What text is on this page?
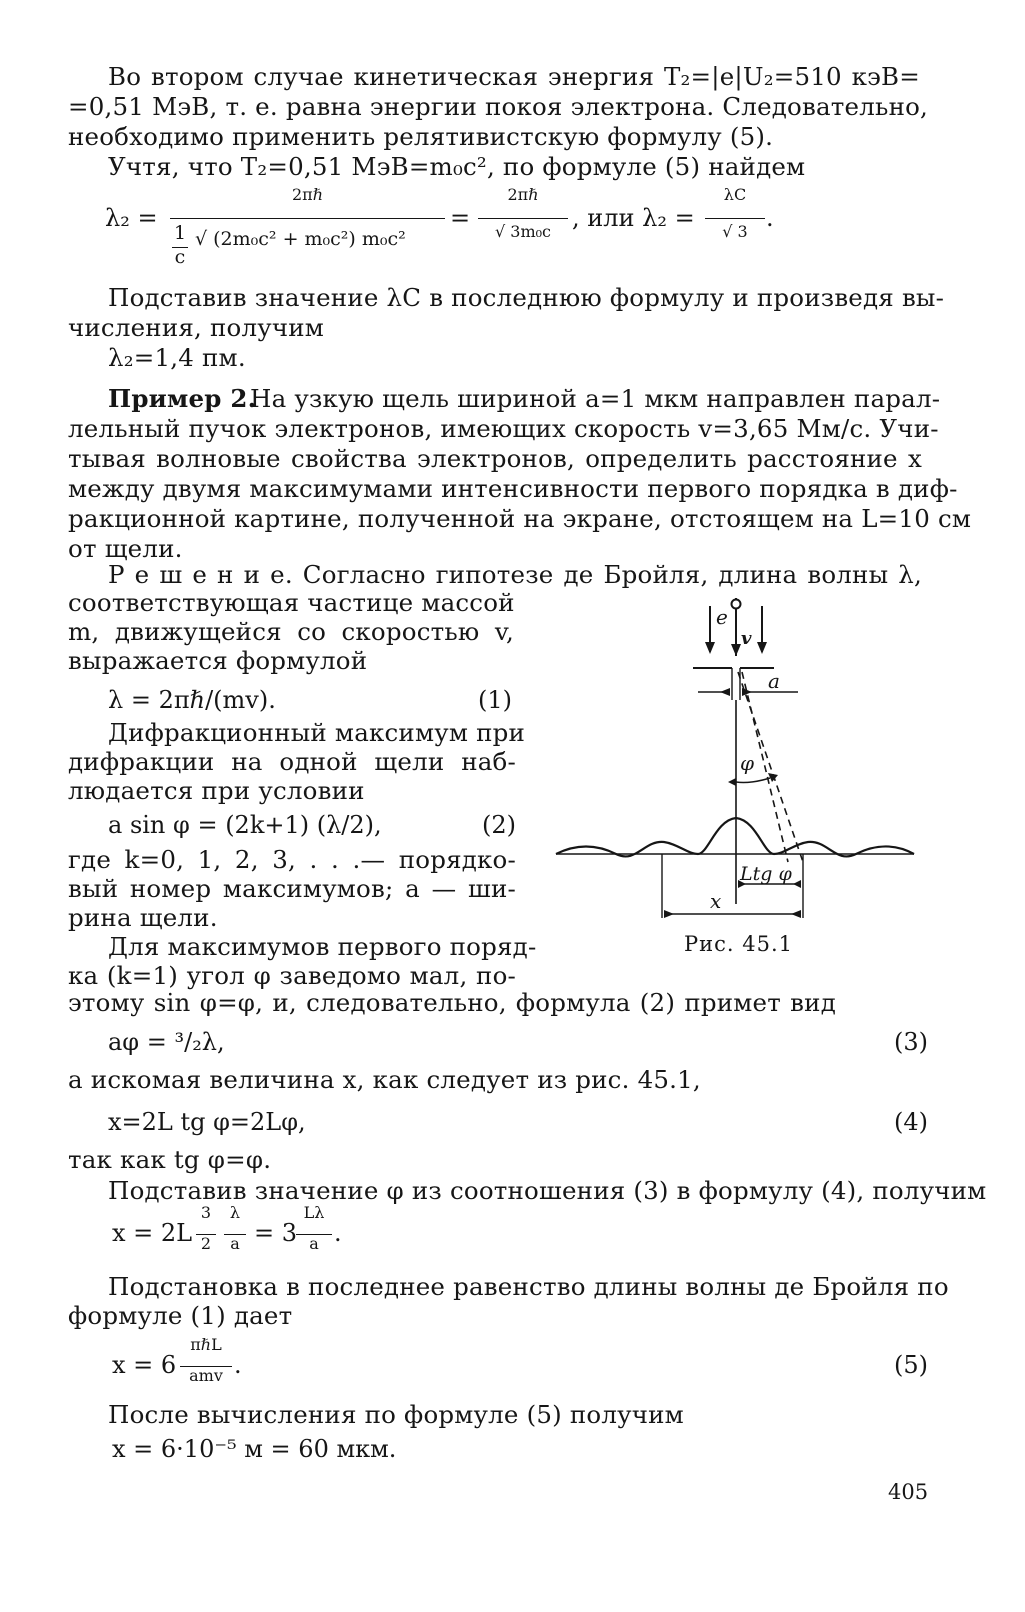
Во втором случае кинетическая энергия T₂=|e|U₂=510 кэВ=
=0,51 МэВ, т. е. равна энергии покоя электрона. Следовательно,
необходимо применить релятивистскую формулу (5).
Учтя, что T₂=0,51 МэВ=m₀c², по формуле (5) найдем
λ₂ =
2πℏ
1
c
√ (2m₀c² + m₀c²) m₀c²
=
2πℏ
√ 3m₀c , или λ₂ =
λC
√ 3 .
Подставив значение λC в последнюю формулу и произведя вы-
числения, получим
λ₂=1,4 пм.
Пример 2.
На узкую щель шириной a=1 мкм направлен парал-
лельный пучок электронов, имеющих скорость v=3,65 Мм/с. Учи-
тывая волновые свойства электронов, определить расстояние x
между двумя максимумами интенсивности первого порядка в диф-
ракционной картине, полученной на экране, отстоящем на L=10 см
от щели.
Р е ш е н и е. Согласно гипотезе де Бройля, длина волны λ,
соответствующая частице массой
m, движущейся со скоростью v,
выражается формулой
λ = 2πℏ/(mv).	(1)
Дифракционный максимум при
дифракции на одной щели наб-
людается при условии
a sin φ = (2k+1) (λ/2),	(2)
где k=0, 1, 2, 3, . . .— порядко-
вый номер максимумов; a — ши-
рина щели.
Для максимумов первого поряд-
ка (k=1) угол φ заведомо мал, по-
этому sin φ=φ, и, следовательно, формула (2) примет вид
e
v
a
φ
Ltg φ
x
Рис. 45.1
aφ = ³/₂λ,	(3)
а искомая величина x, как следует из рис. 45.1,
x=2L tg φ=2Lφ,	(4)
так как tg φ=φ.
Подставив значение φ из соотношения (3) в формулу (4), получим
x = 2L
3
2
λ
a = 3
Lλ
a .
Подстановка в последнее равенство длины волны де Бройля по
формуле (1) дает
x = 6
πℏL
amv .	(5)
После вычисления по формуле (5) получим
x = 6·10⁻⁵ м = 60 мкм.
405
